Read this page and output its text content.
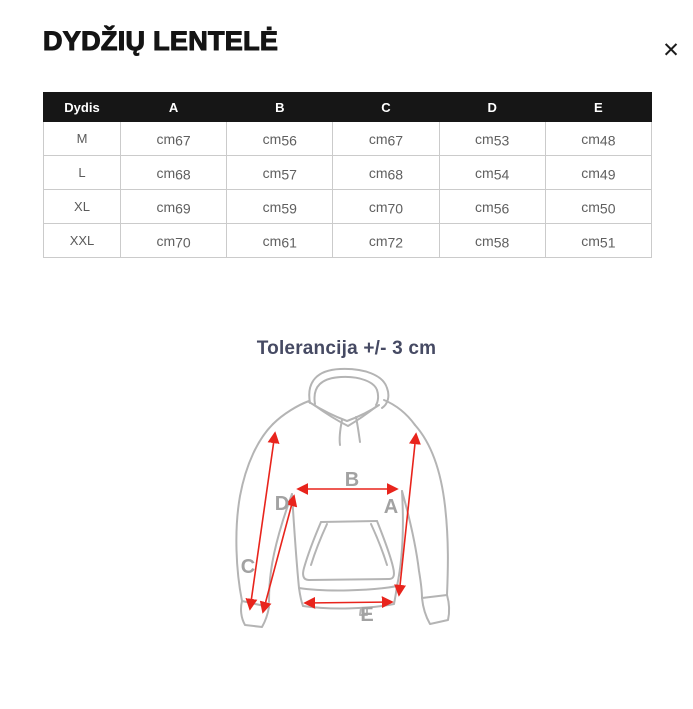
✕
DYDŽIŲ LENTELĖ
Dydis	A	B	C	D	E
M	cm67	cm56	cm67	cm53	cm48
L	cm68	cm57	cm68	cm54	cm49
XL	cm69	cm59	cm70	cm56	cm50
XXL	cm70	cm61	cm72	cm58	cm51
Tolerancija +/- 3 cm
B
D	A
C
E
